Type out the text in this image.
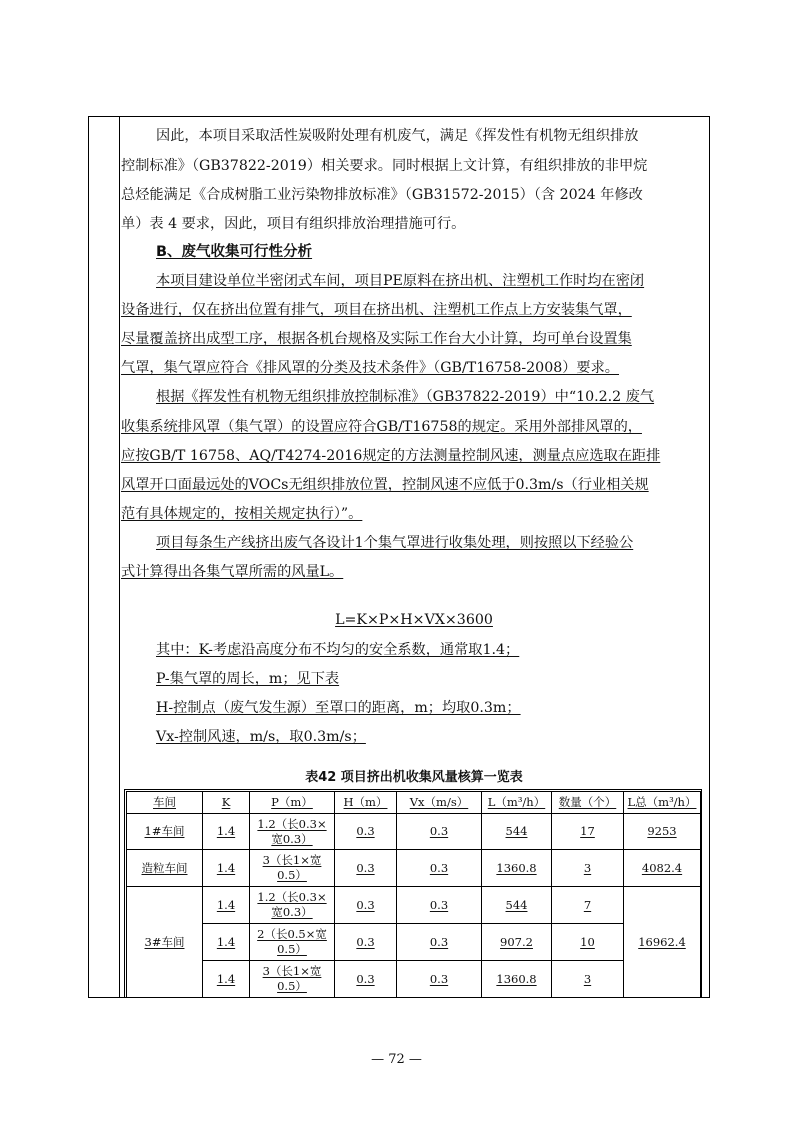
因此，本项目采取活性炭吸附处理有机废气，满足《挥发性有机物无组织排放
控制标准》（GB37822-2019）相关要求。同时根据上文计算，有组织排放的非甲烷
总烃能满足《合成树脂工业污染物排放标准》（GB31572-2015）（含 2024 年修改
单）表 4 要求，因此，项目有组织排放治理措施可行。
B、废气收集可行性分析
本项目建设单位半密闭式车间，项目PE原料在挤出机、注塑机工作时均在密闭
设备进行，仅在挤出位置有排气，项目在挤出机、注塑机工作点上方安装集气罩，
尽量覆盖挤出成型工序，根据各机台规格及实际工作台大小计算，均可单台设置集
气罩，集气罩应符合《排风罩的分类及技术条件》（GB/T16758-2008）要求。
根据《挥发性有机物无组织排放控制标准》（GB37822-2019）中“10.2.2 废气
收集系统排风罩（集气罩）的设置应符合GB/T16758的规定。采用外部排风罩的，
应按GB/T 16758、AQ/T4274-2016规定的方法测量控制风速，测量点应选取在距排
风罩开口面最远处的VOCs无组织排放位置，控制风速不应低于0.3m/s（行业相关规
范有具体规定的，按相关规定执行）”。
项目每条生产线挤出废气各设计1个集气罩进行收集处理，则按照以下经验公
式计算得出各集气罩所需的风量L。
L=K×P×H×VX×3600
其中：K-考虑沿高度分布不均匀的安全系数，通常取1.4；
P-集气罩的周长，m；见下表
H-控制点（废气发生源）至罩口的距离，m；均取0.3m；
Vx-控制风速，m/s，取0.3m/s；
表42 项目挤出机收集风量核算一览表
车间	K	P（m）	H（m）	Vx（m/s）	L（m³/h）	数量（个）	L总（m³/h）
1#车间	1.4	1.2（长0.3×
宽0.3）	0.3	0.3	544	17	9253
造粒车间	1.4	3（长1×宽
0.5）	0.3	0.3	1360.8	3	4082.4
3#车间	1.4	1.2（长0.3×
宽0.3）	0.3	0.3	544	7	16962.4
	1.4	2（长0.5×宽
0.5）	0.3	0.3	907.2	10	
	1.4	3（长1×宽
0.5）	0.3	0.3	1360.8	3	
— 72 —
